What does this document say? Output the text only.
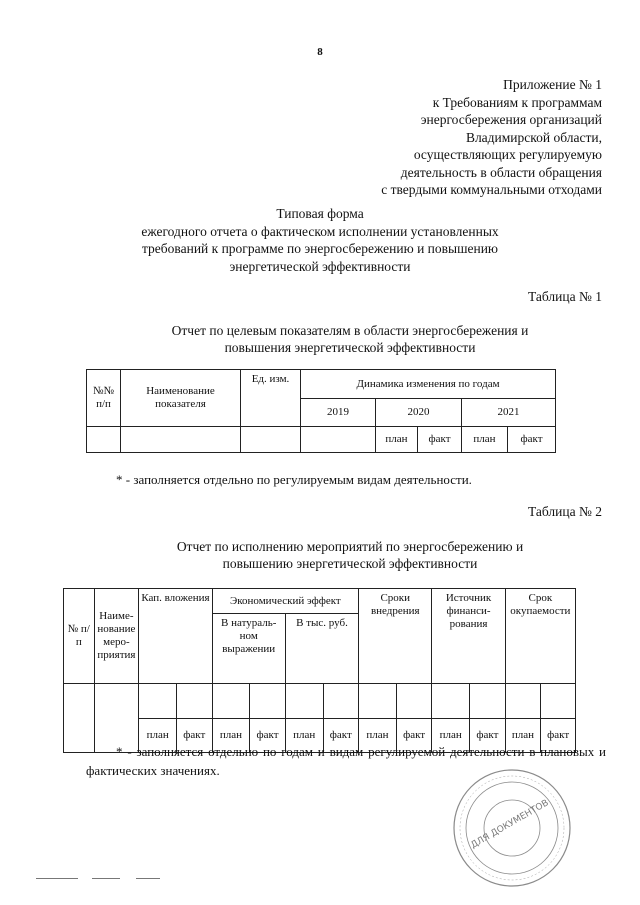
8
Приложение № 1
к Требованиям к программам
энергосбережения организаций
Владимирской области,
осуществляющих регулируемую
деятельность в области обращения
с твердыми коммунальными отходами
Типовая форма
ежегодного отчета о фактическом исполнении установленных
требований к программе по энергосбережению и повышению
энергетической эффективности
Таблица № 1
Отчет по целевым показателям в области энергосбережения и
повышения энергетической эффективности
№№ п/п	Наименование показателя	Ед. изм.	Динамика изменения по годам				
			2019	2020		2021	
				план	факт	план	факт
* - заполняется отдельно по регулируемым видам деятельности.
Таблица № 2
Отчет по исполнению мероприятий по энергосбережению и
повышению энергетической эффективности
№ п/п	Наиме-нование меро-приятия	Кап. вложения		Экономический эффект				Сроки внедрения		Источник финанси-рования		Срок окупаемости	
				В натураль-ном выражении		В тыс. руб.							

		план	факт	план	факт	план	факт	план	факт	план	факт	план	факт
* - заполняется отдельно по годам и видам регулируемой деятельности в плановых и фактических значениях.
ДЛЯ ДОКУМЕНТОВ
